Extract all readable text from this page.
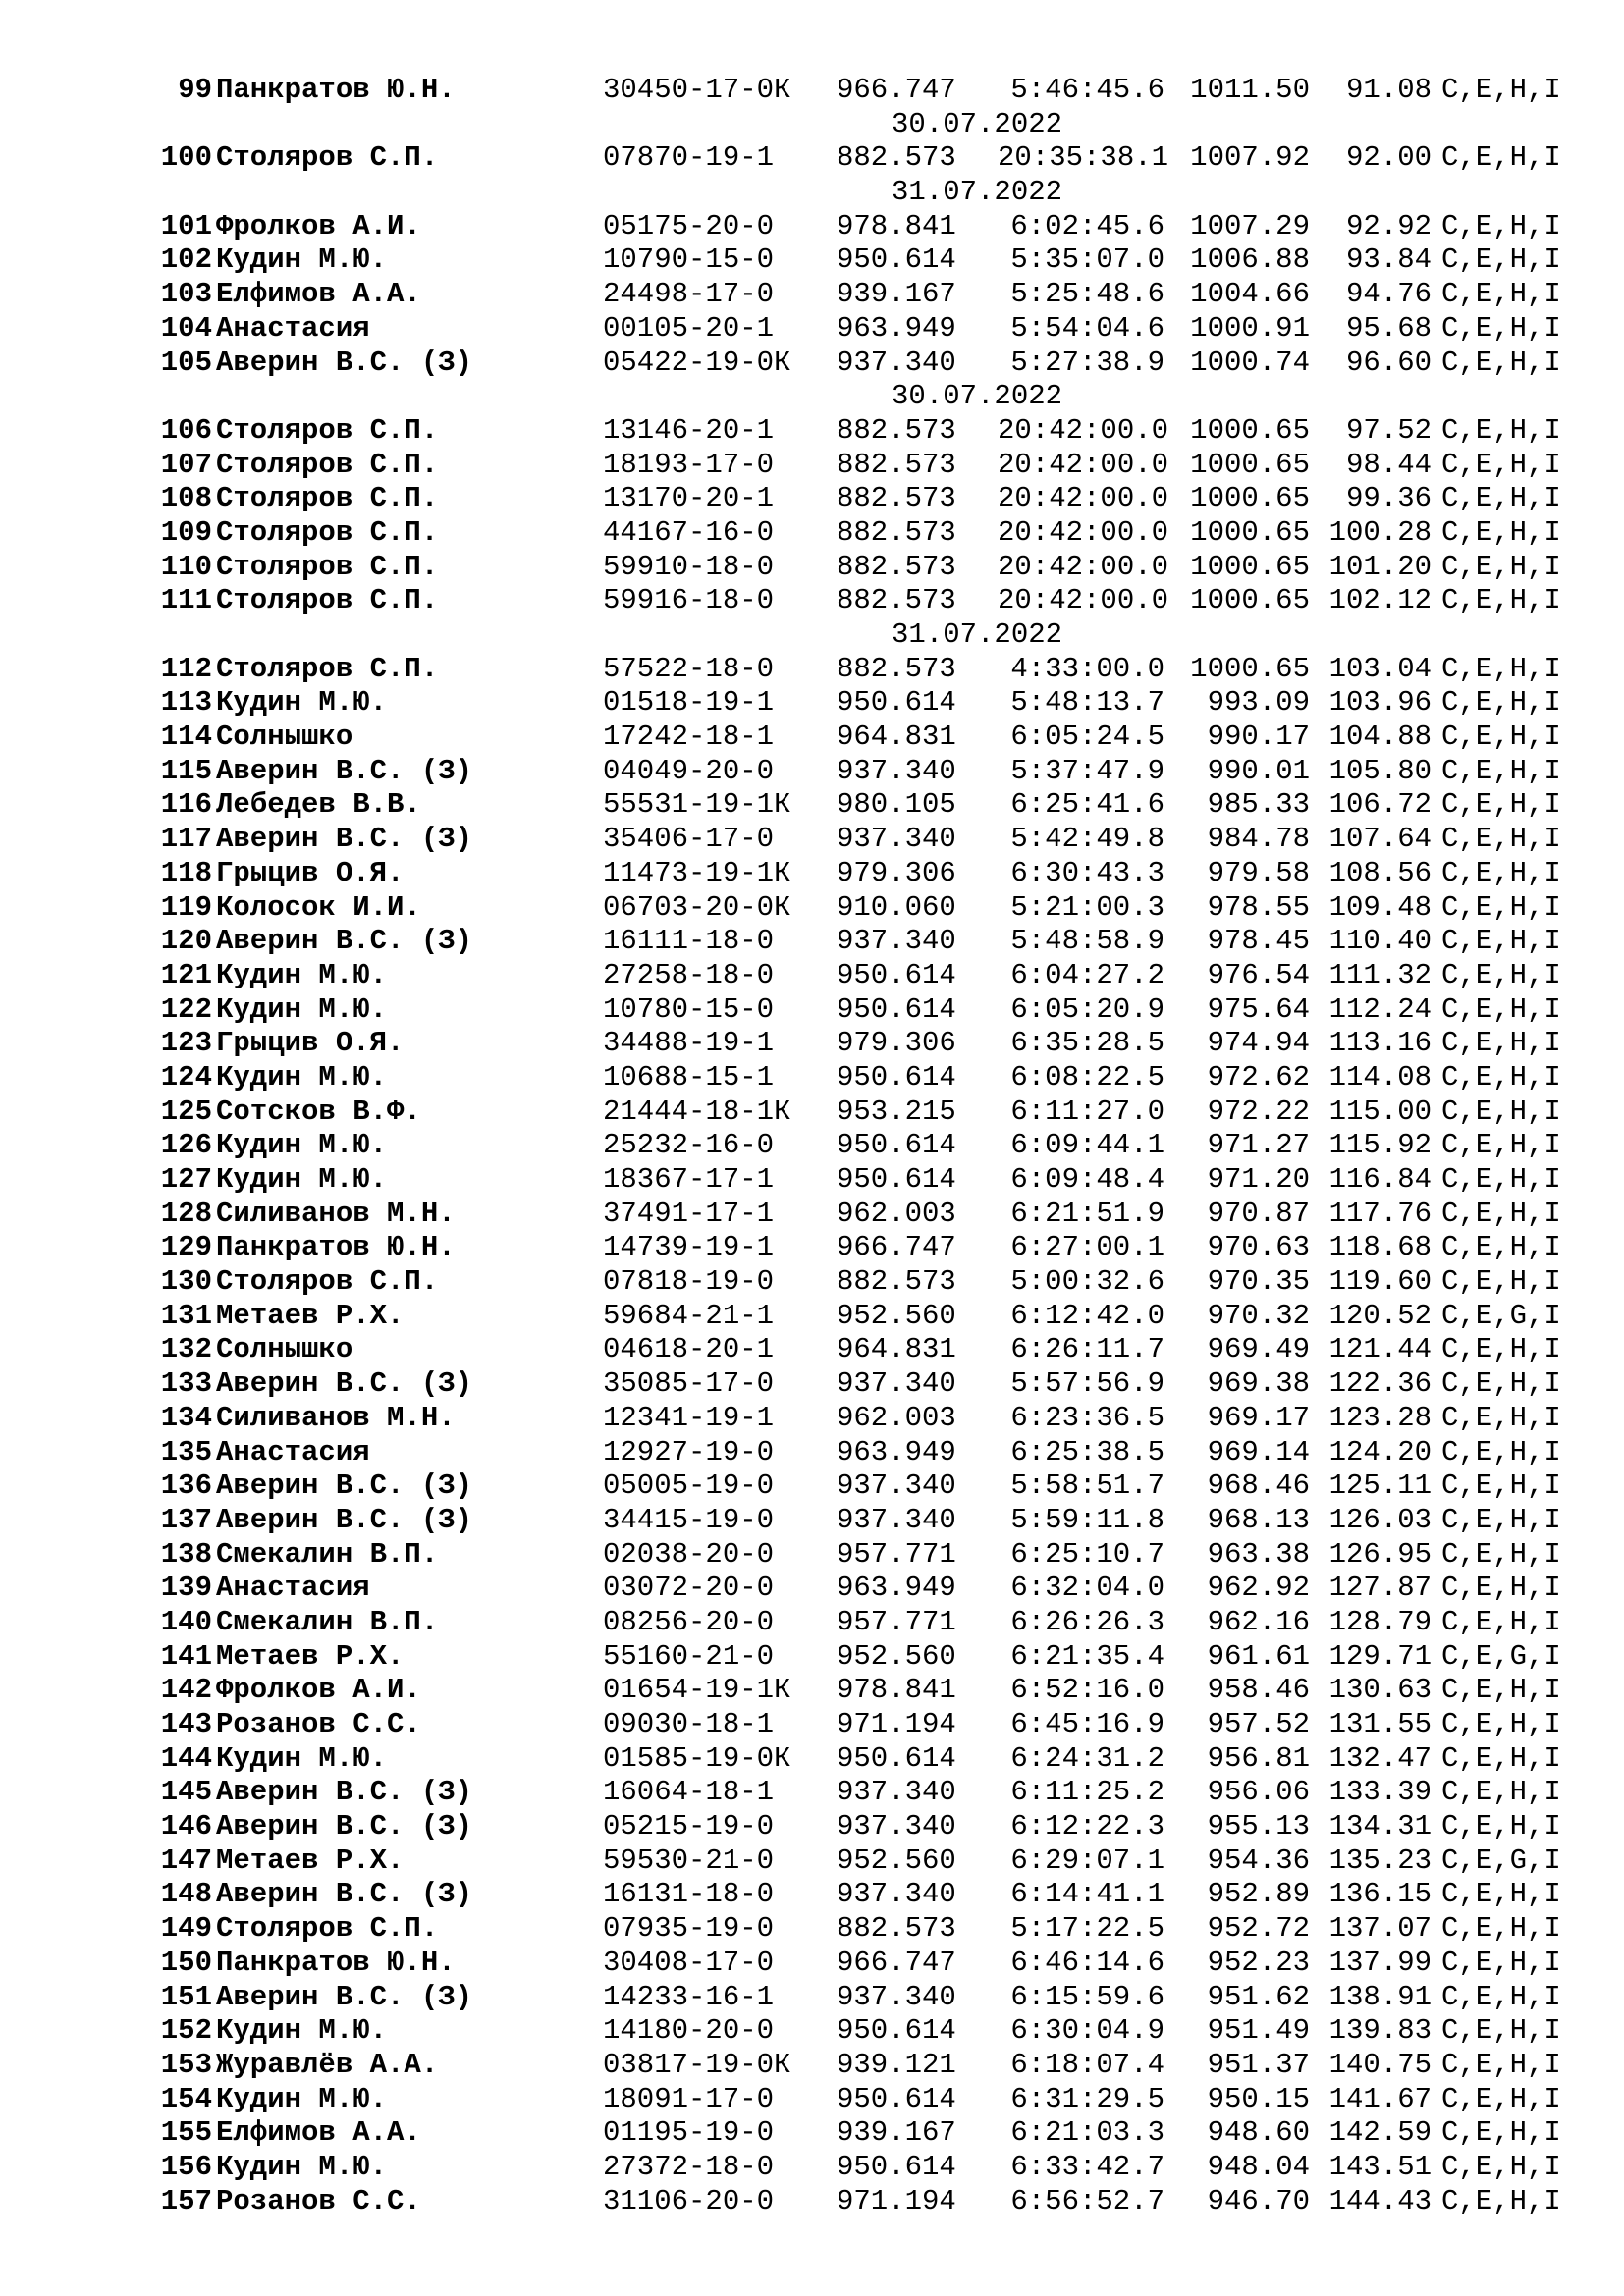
99 Панкратов Ю.Н.	30450-17-0К 966.747	5:46:45.6 1011.50	91.08 C,E,H,I
30.07.2022
100 Столяров С.П.	07870-19-1 882.573 20:35:38.1 1007.92	92.00 C,E,H,I
31.07.2022
101 Фролков А.И.	05175-20-0 978.841	6:02:45.6 1007.29	92.92 C,E,H,I
102 Кудин М.Ю.	10790-15-0 950.614	5:35:07.0 1006.88	93.84 C,E,H,I
103 Елфимов А.А.	24498-17-0 939.167	5:25:48.6 1004.66	94.76 C,E,H,I
104 Анастасия	00105-20-1 963.949	5:54:04.6 1000.91	95.68 C,E,H,I
105 Аверин В.С. (З)	05422-19-0К 937.340	5:27:38.9 1000.74	96.60 C,E,H,I
30.07.2022
106 Столяров С.П.	13146-20-1 882.573 20:42:00.0 1000.65	97.52 C,E,H,I
107 Столяров С.П.	18193-17-0 882.573 20:42:00.0 1000.65	98.44 C,E,H,I
108 Столяров С.П.	13170-20-1 882.573 20:42:00.0 1000.65	99.36 C,E,H,I
109 Столяров С.П.	44167-16-0 882.573 20:42:00.0 1000.65 100.28 C,E,H,I
110 Столяров С.П.	59910-18-0 882.573 20:42:00.0 1000.65 101.20 C,E,H,I
111 Столяров С.П.	59916-18-0 882.573 20:42:00.0 1000.65 102.12 C,E,H,I
31.07.2022
112 Столяров С.П.	57522-18-0 882.573	4:33:00.0 1000.65 103.04 C,E,H,I
113 Кудин М.Ю.	01518-19-1 950.614	5:48:13.7	993.09 103.96 C,E,H,I
114 Солнышко	17242-18-1 964.831	6:05:24.5	990.17 104.88 C,E,H,I
115 Аверин В.С. (З)	04049-20-0 937.340	5:37:47.9	990.01 105.80 C,E,H,I
116 Лебедев В.В.	55531-19-1К 980.105	6:25:41.6	985.33 106.72 C,E,H,I
117 Аверин В.С. (З)	35406-17-0 937.340	5:42:49.8	984.78 107.64 C,E,H,I
118 Грыцив О.Я.	11473-19-1К 979.306	6:30:43.3	979.58 108.56 C,E,H,I
119 Колосок И.И.	06703-20-0К 910.060	5:21:00.3	978.55 109.48 C,E,H,I
120 Аверин В.С. (З)	16111-18-0 937.340	5:48:58.9	978.45 110.40 C,E,H,I
121 Кудин М.Ю.	27258-18-0 950.614	6:04:27.2	976.54 111.32 C,E,H,I
122 Кудин М.Ю.	10780-15-0 950.614	6:05:20.9	975.64 112.24 C,E,H,I
123 Грыцив О.Я.	34488-19-1 979.306	6:35:28.5	974.94 113.16 C,E,H,I
124 Кудин М.Ю.	10688-15-1 950.614	6:08:22.5	972.62 114.08 C,E,H,I
125 Сотсков В.Ф.	21444-18-1К 953.215	6:11:27.0	972.22 115.00 C,E,H,I
126 Кудин М.Ю.	25232-16-0 950.614	6:09:44.1	971.27 115.92 C,E,H,I
127 Кудин М.Ю.	18367-17-1 950.614	6:09:48.4	971.20 116.84 C,E,H,I
128 Силиванов М.Н.	37491-17-1 962.003	6:21:51.9	970.87 117.76 C,E,H,I
129 Панкратов Ю.Н.	14739-19-1 966.747	6:27:00.1	970.63 118.68 C,E,H,I
130 Столяров С.П.	07818-19-0 882.573	5:00:32.6	970.35 119.60 C,E,H,I
131 Метаев Р.Х.	59684-21-1 952.560	6:12:42.0	970.32 120.52 C,E,G,I
132 Солнышко	04618-20-1 964.831	6:26:11.7	969.49 121.44 C,E,H,I
133 Аверин В.С. (З)	35085-17-0 937.340	5:57:56.9	969.38 122.36 C,E,H,I
134 Силиванов М.Н.	12341-19-1 962.003	6:23:36.5	969.17 123.28 C,E,H,I
135 Анастасия	12927-19-0 963.949	6:25:38.5	969.14 124.20 C,E,H,I
136 Аверин В.С. (З)	05005-19-0 937.340	5:58:51.7	968.46 125.11 C,E,H,I
137 Аверин В.С. (З)	34415-19-0 937.340	5:59:11.8	968.13 126.03 C,E,H,I
138 Смекалин В.П.	02038-20-0 957.771	6:25:10.7	963.38 126.95 C,E,H,I
139 Анастасия	03072-20-0 963.949	6:32:04.0	962.92 127.87 C,E,H,I
140 Смекалин В.П.	08256-20-0 957.771	6:26:26.3	962.16 128.79 C,E,H,I
141 Метаев Р.Х.	55160-21-0 952.560	6:21:35.4	961.61 129.71 C,E,G,I
142 Фролков А.И.	01654-19-1К 978.841	6:52:16.0	958.46 130.63 C,E,H,I
143 Розанов С.С.	09030-18-1 971.194	6:45:16.9	957.52 131.55 C,E,H,I
144 Кудин М.Ю.	01585-19-0К 950.614	6:24:31.2	956.81 132.47 C,E,H,I
145 Аверин В.С. (З)	16064-18-1 937.340	6:11:25.2	956.06 133.39 C,E,H,I
146 Аверин В.С. (З)	05215-19-0 937.340	6:12:22.3	955.13 134.31 C,E,H,I
147 Метаев Р.Х.	59530-21-0 952.560	6:29:07.1	954.36 135.23 C,E,G,I
148 Аверин В.С. (З)	16131-18-0 937.340	6:14:41.1	952.89 136.15 C,E,H,I
149 Столяров С.П.	07935-19-0 882.573	5:17:22.5	952.72 137.07 C,E,H,I
150 Панкратов Ю.Н.	30408-17-0 966.747	6:46:14.6	952.23 137.99 C,E,H,I
151 Аверин В.С. (З)	14233-16-1 937.340	6:15:59.6	951.62 138.91 C,E,H,I
152 Кудин М.Ю.	14180-20-0 950.614	6:30:04.9	951.49 139.83 C,E,H,I
153 Журавлёв А.А.	03817-19-0К 939.121	6:18:07.4	951.37 140.75 C,E,H,I
154 Кудин М.Ю.	18091-17-0 950.614	6:31:29.5	950.15 141.67 C,E,H,I
155 Елфимов А.А.	01195-19-0 939.167	6:21:03.3	948.60 142.59 C,E,H,I
156 Кудин М.Ю.	27372-18-0 950.614	6:33:42.7	948.04 143.51 C,E,H,I
157 Розанов С.С.	31106-20-0 971.194	6:56:52.7	946.70 144.43 C,E,H,I
